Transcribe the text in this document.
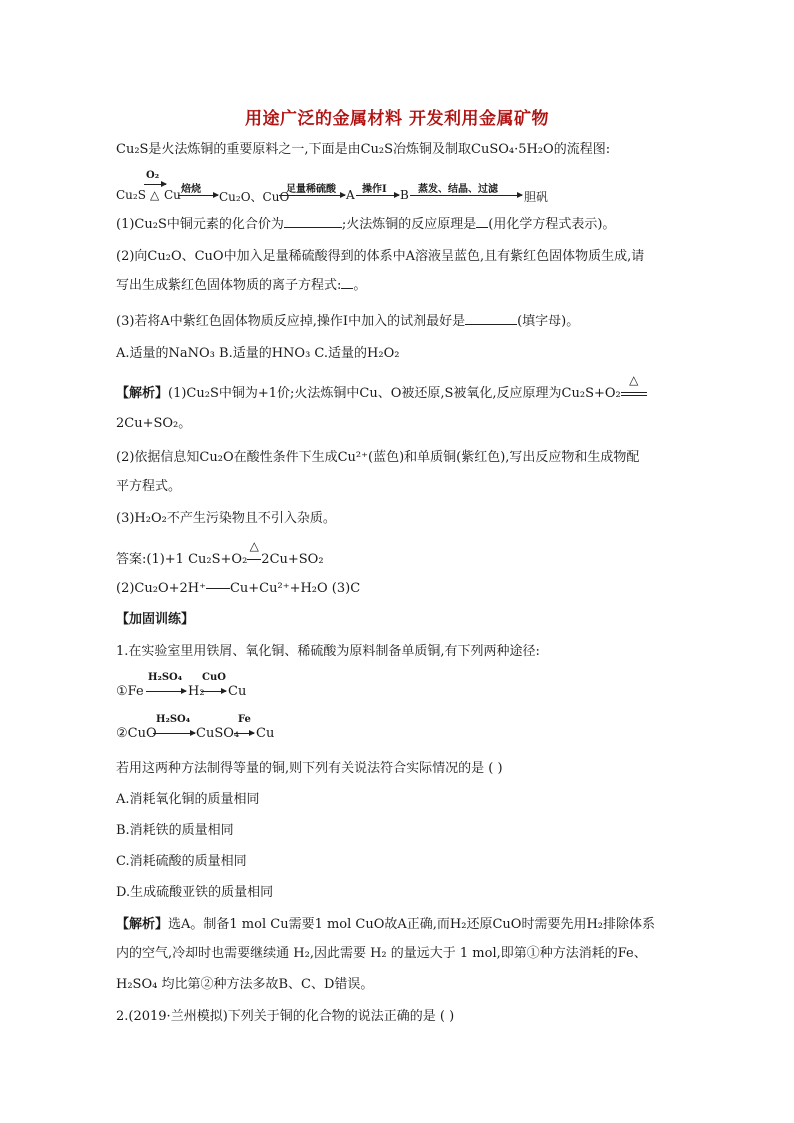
用途广泛的金属材料 开发利用金属矿物
Cu₂S是火法炼铜的重要原料之一,下面是由Cu₂S冶炼铜及制取CuSO₄·5H₂O的流程图:
Cu₂S
O₂
△ Cu 焙烧
Cu₂O、CuO
足量稀硫酸 A 操作Ⅰ B 蒸发、结晶、过滤
胆矾
(1)Cu₂S中铜元素的化合价为	;火法炼铜的反应原理是 (用化学方程式表示)。
(2)向Cu₂O、CuO中加入足量稀硫酸得到的体系中A溶液呈蓝色,且有紫红色固体物质生成,请
写出生成紫红色固体物质的离子方程式: 。
(3)若将A中紫红色固体物质反应掉,操作Ⅰ中加入的试剂最好是	(填字母)。
A.适量的NaNO₃ B.适量的HNO₃ C.适量的H₂O₂
【解析】(1)Cu₂S中铜为+1价;火法炼铜中Cu、O被还原,S被氧化,反应原理为Cu₂S+O₂
△
2Cu+SO₂。
(2)依据信息知Cu₂O在酸性条件下生成Cu²⁺(蓝色)和单质铜(紫红色),写出反应物和生成物配
平方程式。
(3)H₂O₂不产生污染物且不引入杂质。
答案:(1)+1 Cu₂S+O₂
△
2Cu+SO₂
(2)Cu₂O+2H⁺ Cu+Cu²⁺+H₂O (3)C
【加固训练】
1.在实验室里用铁屑、氧化铜、稀硫酸为原料制备单质铜,有下列两种途径:
①Fe
H₂SO₄
H₂
CuO
Cu
②CuO
H₂SO₄
CuSO₄
Fe
Cu
若用这两种方法制得等量的铜,则下列有关说法符合实际情况的是 ( )
A.消耗氧化铜的质量相同
B.消耗铁的质量相同
C.消耗硫酸的质量相同
D.生成硫酸亚铁的质量相同
【解析】选A。制备1 mol Cu需要1 mol CuO故A正确,而H₂还原CuO时需要先用H₂排除体系
内的空气,冷却时也需要继续通 H₂,因此需要 H₂ 的量远大于 1 mol,即第①种方法消耗的Fe、
H₂SO₄ 均比第②种方法多故B、C、D错误。
2.(2019·兰州模拟)下列关于铜的化合物的说法正确的是 ( )
